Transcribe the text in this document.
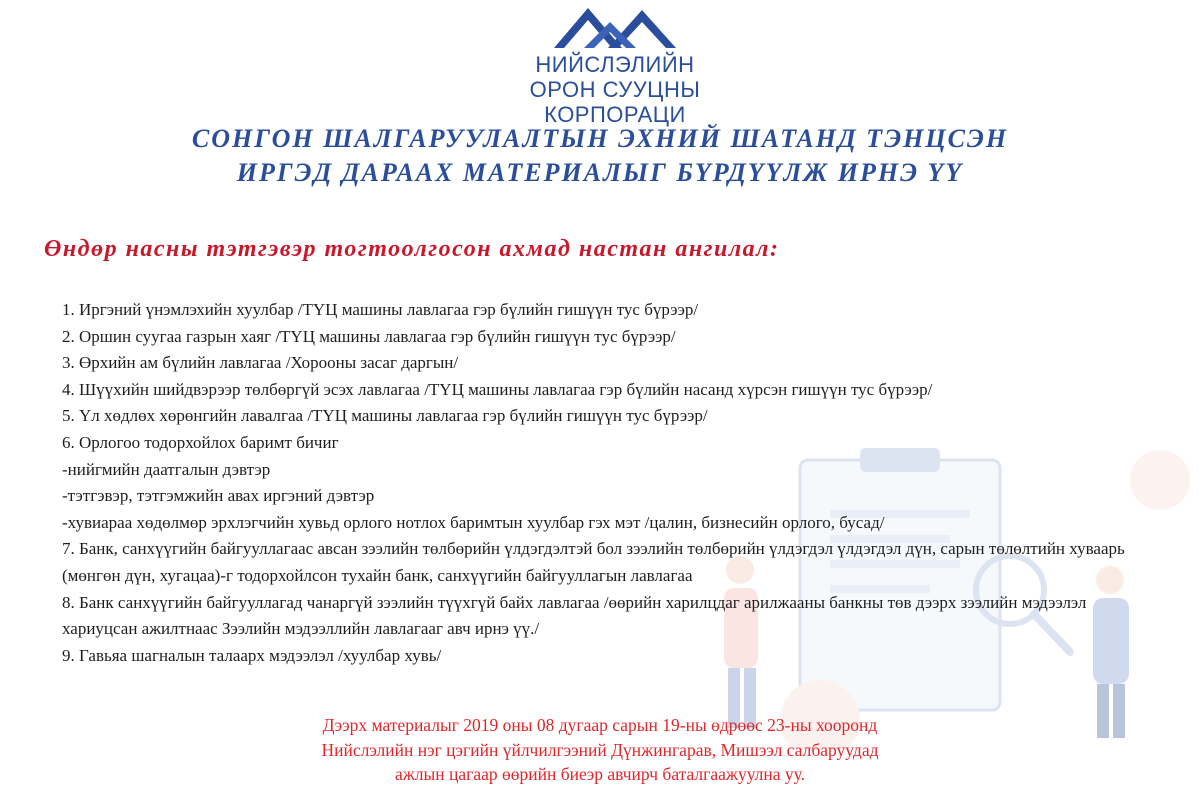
НИЙСЛЭЛИЙН
ОРОН СУУЦНЫ КОРПОРАЦИ
СОНГОН ШАЛГАРУУЛАЛТЫН ЭХНИЙ ШАТАНД ТЭНЦСЭН
ИРГЭД ДАРААХ МАТЕРИАЛЫГ БҮРДҮҮЛЖ ИРНЭ ҮҮ
Өндөр насны тэтгэвэр тогтоолгосон ахмад настан ангилал:
1. Иргэний үнэмлэхийн хуулбар /ТҮЦ машины лавлагаа гэр бүлийн гишүүн тус бүрээр/
2. Оршин суугаа газрын хаяг /ТҮЦ машины лавлагаа гэр бүлийн гишүүн тус бүрээр/
3. Өрхийн ам бүлийн лавлагаа /Хорооны засаг даргын/
4. Шүүхийн шийдвэрээр төлбөргүй эсэх лавлагаа /ТҮЦ машины лавлагаа гэр бүлийн насанд хүрсэн гишүүн тус бүрээр/
5. Үл хөдлөх хөрөнгийн лавалгаа /ТҮЦ машины лавлагаа гэр бүлийн гишүүн тус бүрээр/
6. Орлогоо тодорхойлох баримт бичиг
-нийгмийн даатгалын дэвтэр
-тэтгэвэр, тэтгэмжийн авах иргэний дэвтэр
-хувиараа хөдөлмөр эрхлэгчийн хувьд орлого нотлох баримтын хуулбар гэх мэт /цалин, бизнесийн орлого, бусад/
7. Банк, санхүүгийн байгууллагаас авсан зээлийн төлбөрийн үлдэгдэлтэй бол зээлийн төлбөрийн үлдэгдэл үлдэгдэл дүн, сарын төлөлтийн хуваарь (мөнгөн дүн, хугацаа)-г тодорхойлсон тухайн банк, санхүүгийн байгууллагын лавлагаа
8. Банк санхүүгийн байгууллагад чанаргүй зээлийн түүхгүй байх лавлагаа /өөрийн харилцдаг арилжааны банкны төв дээрх зээлийн мэдээлэл хариуцсан ажилтнаас Зээлийн мэдээллийн лавлагааг авч ирнэ үү./
9. Гавьяа шагналын талаарх мэдээлэл /хуулбар хувь/
Дээрх материалыг 2019 оны 08 дугаар сарын 19-ны өдрөөс 23-ны хооронд
Нийслэлийн нэг цэгийн үйлчилгээний Дүнжингарав, Мишээл салбаруудад
ажлын цагаар өөрийн биеэр авчирч баталгаажуулна уу.
